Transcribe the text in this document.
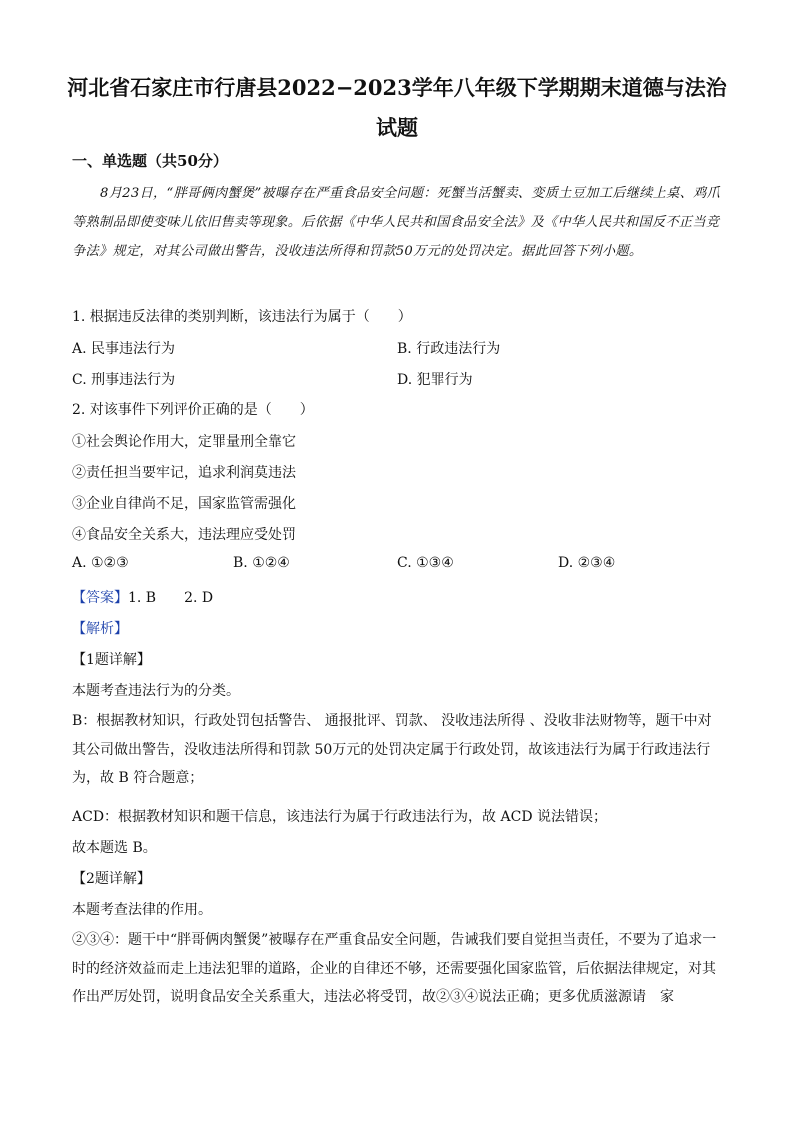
河北省石家庄市行唐县2022−2023学年八年级下学期期末道德与法治
试题
一、单选题（共50分）
8月23日，“胖哥俩肉蟹煲”被曝存在严重食品安全问题：死蟹当活蟹卖、变质土豆加工后继续上桌、鸡爪等熟制品即使变味儿依旧售卖等现象。后依据《中华人民共和国食品安全法》及《中华人民共和国反不正当竞争法》规定，对其公司做出警告，没收违法所得和罚款50万元的处罚决定。据此回答下列小题。
1. 根据违反法律的类别判断，该违法行为属于（　　）
A. 民事违法行为	B. 行政违法行为
C. 刑事违法行为	D. 犯罪行为
2. 对该事件下列评价正确的是（　　）
①社会舆论作用大，定罪量刑全靠它
②责任担当要牢记，追求利润莫违法
③企业自律尚不足，国家监管需强化
④食品安全关系大，违法理应受处罚
A. ①②③	B. ①②④	C. ①③④	D. ②③④
【答案】1. B　　2. D
【解析】
【1题详解】
本题考查违法行为的分类。
B：根据教材知识，行政处罚包括警告、 通报批评、罚款、 没收违法所得 、没收非法财物等，题干中对其公司做出警告，没收违法所得和罚款 50万元的处罚决定属于行政处罚，故该违法行为属于行政违法行为，故 B 符合题意；
ACD：根据教材知识和题干信息，该违法行为属于行政违法行为，故 ACD 说法错误；
故本题选 B。
【2题详解】
本题考查法律的作用。
②③④：题干中“胖哥俩肉蟹煲”被曝存在严重食品安全问题，告诫我们要自觉担当责任，不要为了追求一时的经济效益而走上违法犯罪的道路，企业的自律还不够，还需要强化国家监管，后依据法律规定，对其作出严厉处罚，说明食品安全关系重大，违法必将受罚，故②③④说法正确；更多优质滋源请　家
